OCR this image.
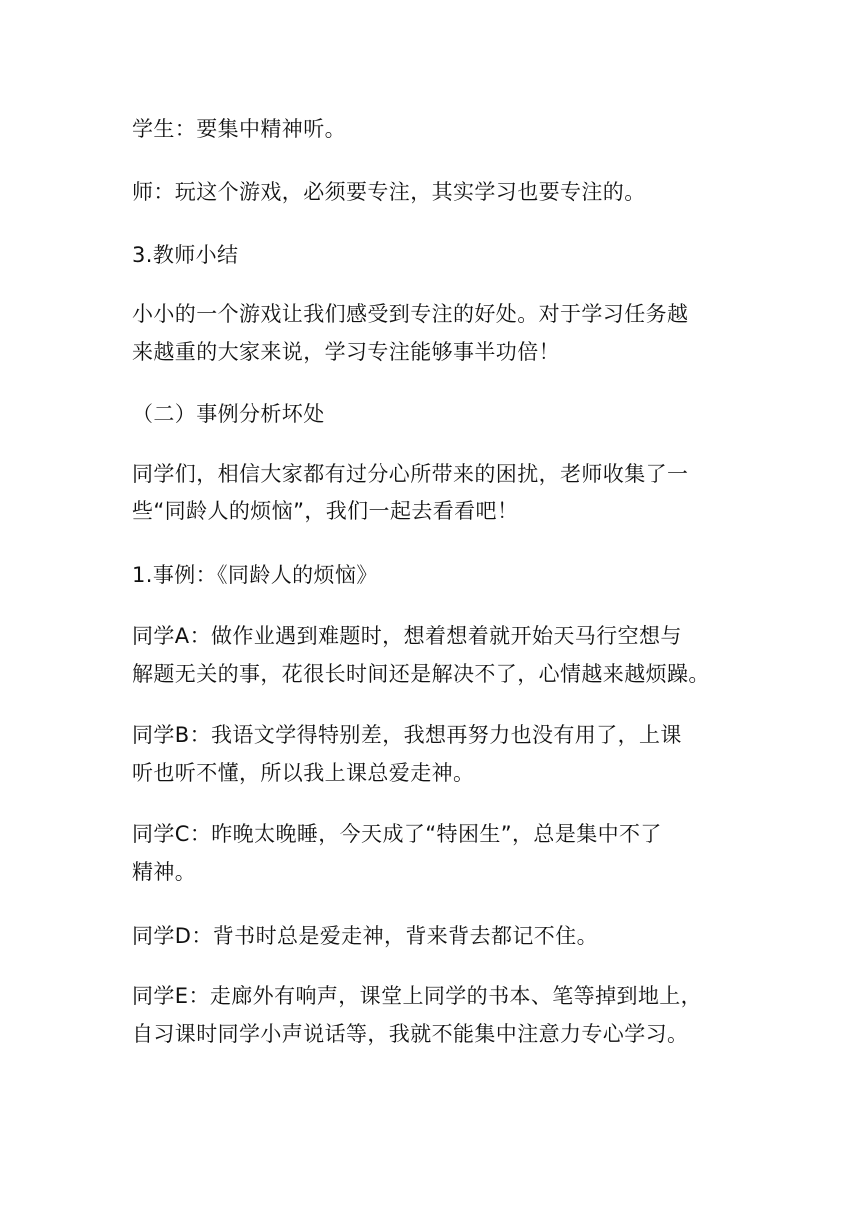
学生：要集中精神听。

师：玩这个游戏，必须要专注，其实学习也要专注的。

3.教师小结

小小的一个游戏让我们感受到专注的好处。对于学习任务越

来越重的大家来说，学习专注能够事半功倍！

（二）事例分析坏处

同学们，相信大家都有过分心所带来的困扰，老师收集了一

些“同龄人的烦恼”，我们一起去看看吧！

1.事例：《同龄人的烦恼》

同学A：做作业遇到难题时，想着想着就开始天马行空想与

解题无关的事，花很长时间还是解决不了，心情越来越烦躁。

同学B：我语文学得特别差，我想再努力也没有用了，上课

听也听不懂，所以我上课总爱走神。

同学C：昨晚太晚睡，今天成了“特困生”，总是集中不了

精神。

同学D：背书时总是爱走神，背来背去都记不住。

同学E：走廊外有响声，课堂上同学的书本、笔等掉到地上，

自习课时同学小声说话等，我就不能集中注意力专心学习。
